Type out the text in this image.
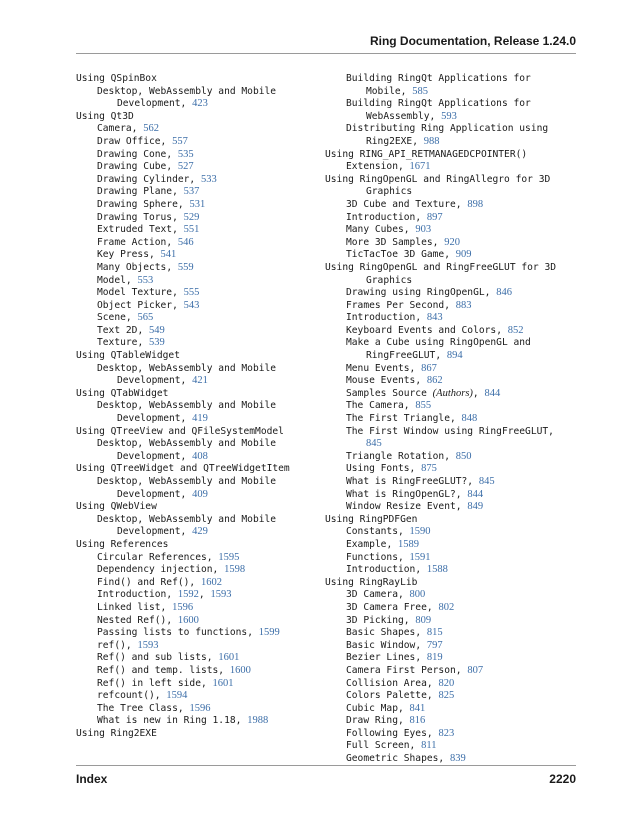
Ring Documentation, Release 1.24.0
Using QSpinBox
Desktop, WebAssembly and Mobile Development, 423
Using Qt3D
Camera, 562
Draw Office, 557
Drawing Cone, 535
Drawing Cube, 527
Drawing Cylinder, 533
Drawing Plane, 537
Drawing Sphere, 531
Drawing Torus, 529
Extruded Text, 551
Frame Action, 546
Key Press, 541
Many Objects, 559
Model, 553
Model Texture, 555
Object Picker, 543
Scene, 565
Text 2D, 549
Texture, 539
Using QTableWidget
Desktop, WebAssembly and Mobile Development, 421
Using QTabWidget
Desktop, WebAssembly and Mobile Development, 419
Using QTreeView and QFileSystemModel
Desktop, WebAssembly and Mobile Development, 408
Using QTreeWidget and QTreeWidgetItem
Desktop, WebAssembly and Mobile Development, 409
Using QWebView
Desktop, WebAssembly and Mobile Development, 429
Using References
Circular References, 1595
Dependency injection, 1598
Find() and Ref(), 1602
Introduction, 1592, 1593
Linked list, 1596
Nested Ref(), 1600
Passing lists to functions, 1599
ref(), 1593
Ref() and sub lists, 1601
Ref() and temp. lists, 1600
Ref() in left side, 1601
refcount(), 1594
The Tree Class, 1596
What is new in Ring 1.18, 1988
Using Ring2EXE
Building RingQt Applications for Mobile, 585
Building RingQt Applications for WebAssembly, 593
Distributing Ring Application using Ring2EXE, 988
Using RING_API_RETMANAGEDCPOINTER()
Extension, 1671
Using RingOpenGL and RingAllegro for 3D Graphics
3D Cube and Texture, 898
Introduction, 897
Many Cubes, 903
More 3D Samples, 920
TicTacToe 3D Game, 909
Using RingOpenGL and RingFreeGLUT for 3D Graphics
Drawing using RingOpenGL, 846
Frames Per Second, 883
Introduction, 843
Keyboard Events and Colors, 852
Make a Cube using RingOpenGL and RingFreeGLUT, 894
Menu Events, 867
Mouse Events, 862
Samples Source (Authors), 844
The Camera, 855
The First Triangle, 848
The First Window using RingFreeGLUT, 845
Triangle Rotation, 850
Using Fonts, 875
What is RingFreeGLUT?, 845
What is RingOpenGL?, 844
Window Resize Event, 849
Using RingPDFGen
Constants, 1590
Example, 1589
Functions, 1591
Introduction, 1588
Using RingRayLib
3D Camera, 800
3D Camera Free, 802
3D Picking, 809
Basic Shapes, 815
Basic Window, 797
Bezier Lines, 819
Camera First Person, 807
Collision Area, 820
Colors Palette, 825
Cubic Map, 841
Draw Ring, 816
Following Eyes, 823
Full Screen, 811
Geometric Shapes, 839
Index	2220
